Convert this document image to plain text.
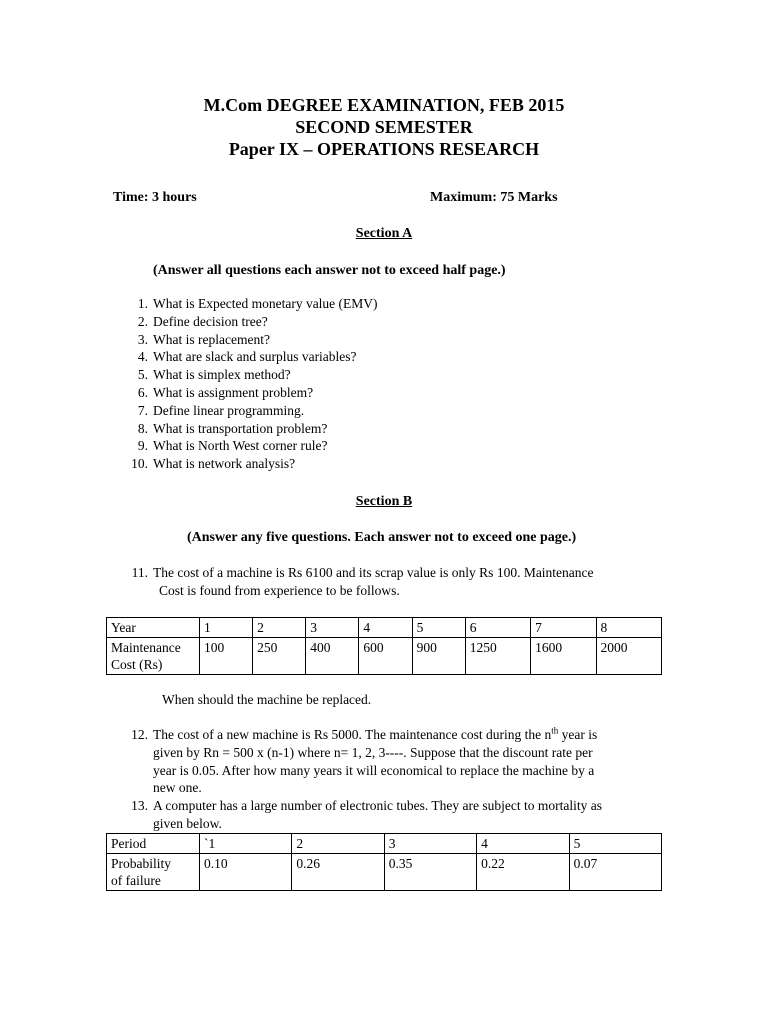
M.Com DEGREE EXAMINATION, FEB 2015
SECOND SEMESTER
Paper IX – OPERATIONS RESEARCH
Time: 3 hours	Maximum: 75 Marks
Section A
(Answer all questions each answer not to exceed half page.)
1. What is Expected monetary value (EMV)
2. Define decision tree?
3. What is replacement?
4. What are slack and surplus variables?
5. What is simplex method?
6. What is assignment problem?
7. Define linear programming.
8. What is transportation problem?
9. What is North West corner rule?
10. What is network analysis?
Section B
(Answer any five questions. Each answer not to exceed one page.)
11. The cost of a machine is Rs 6100 and its scrap value is only Rs 100. Maintenance
Cost is found from experience to be follows.
Year	1	2	3	4	5	6	7	8
Maintenance
Cost (Rs)	100	250	400	600	900	1250	1600	2000
When should the machine be replaced.
12. The cost of a new machine is Rs 5000. The maintenance cost during the $n^{th}$ year is
given by Rn = 500 x (n-1) where n= 1, 2, 3----. Suppose that the discount rate per
year is 0.05. After how many years it will economical to replace the machine by a
new one.
13. A computer has a large number of electronic tubes. They are subject to mortality as
given below.
Period	`1	2	3	4	5
Probability
of failure	0.10	0.26	0.35	0.22	0.07
